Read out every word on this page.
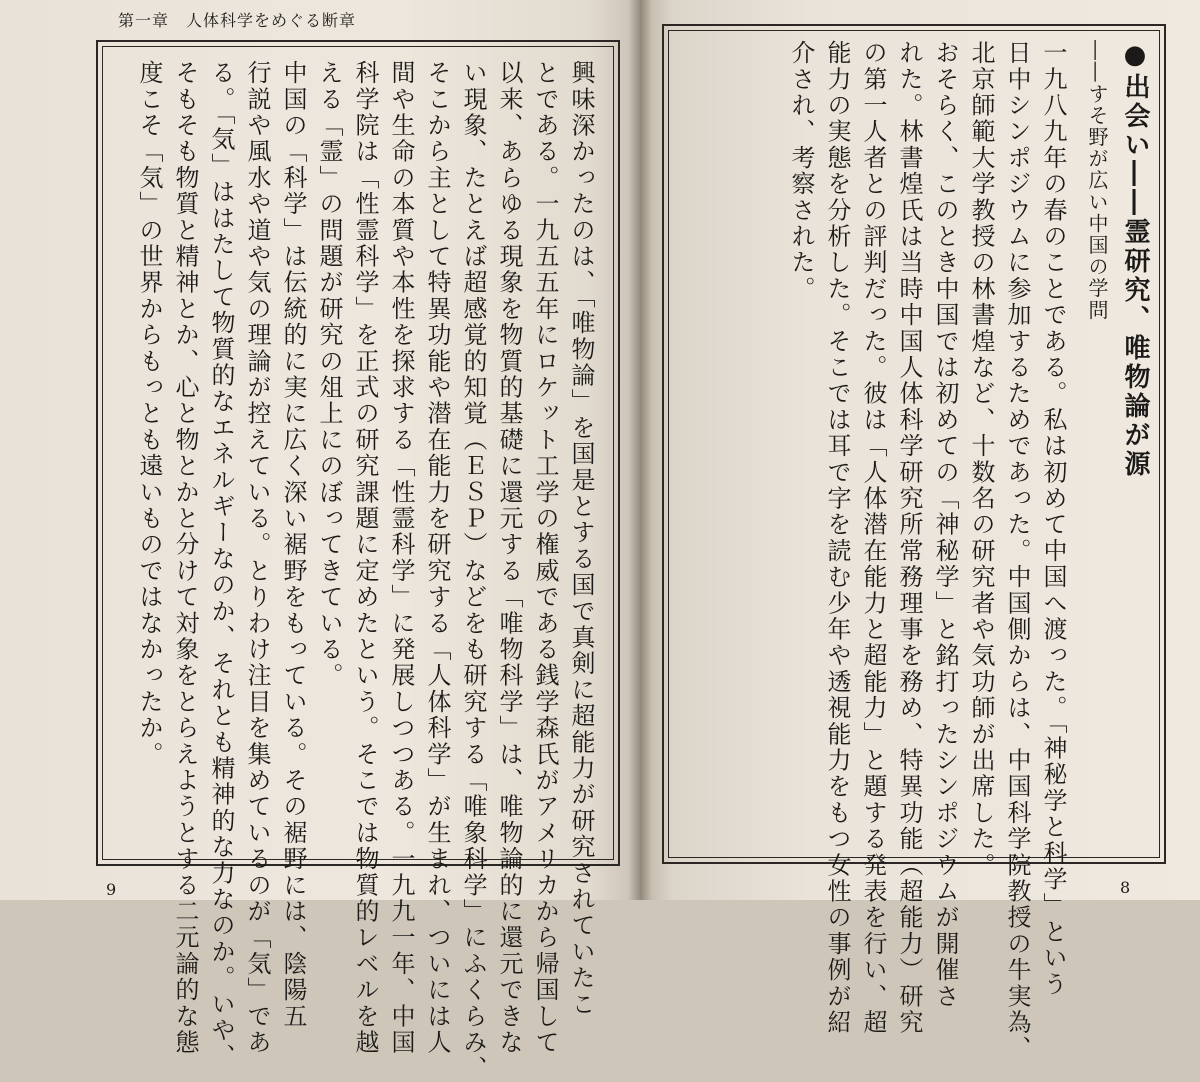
第一章　人体科学をめぐる断章
興味深かったのは、「唯物論」を国是とする国で真剣に超能力が研究されていたこ
とである。一九五五年にロケット工学の権威である銭学森氏がアメリカから帰国して
以来、あらゆる現象を物質的基礎に還元する「唯物科学」は、唯物論的に還元できな
い現象、たとえば超感覚的知覚（ＥＳＰ）などをも研究する「唯象科学」にふくらみ、
そこから主として特異功能や潜在能力を研究する「人体科学」が生まれ、ついには人
間や生命の本質や本性を探求する「性霊科学」に発展しつつある。一九九一年、中国
科学院は「性霊科学」を正式の研究課題に定めたという。そこでは物質的レベルを越
える「霊」の問題が研究の俎上にのぼってきている。
中国の「科学」は伝統的に実に広く深い裾野をもっている。その裾野には、陰陽五
行説や風水や道や気の理論が控えている。とりわけ注目を集めているのが「気」であ
る。「気」ははたして物質的なエネルギーなのか、それとも精神的な力なのか。いや、
そもそも物質と精神とか、心と物とかと分けて対象をとらえようとする二元論的な態
度こそ「気」の世界からもっとも遠いものではなかったか。	●出会い――霊研究、唯物論が源
――すそ野が広い中国の学問
一九八九年の春のことである。私は初めて中国へ渡った。「神秘学と科学」という
日中シンポジウムに参加するためであった。中国側からは、中国科学院教授の牛実為、
北京師範大学教授の林書煌など、十数名の研究者や気功師が出席した。
おそらく、このとき中国では初めての「神秘学」と銘打ったシンポジウムが開催さ
れた。林書煌氏は当時中国人体科学研究所常務理事を務め、特異功能（超能力）研究
の第一人者との評判だった。彼は「人体潜在能力と超能力」と題する発表を行い、超
能力の実態を分析した。そこでは耳で字を読む少年や透視能力をもつ女性の事例が紹
介され、考察された。
9	8
